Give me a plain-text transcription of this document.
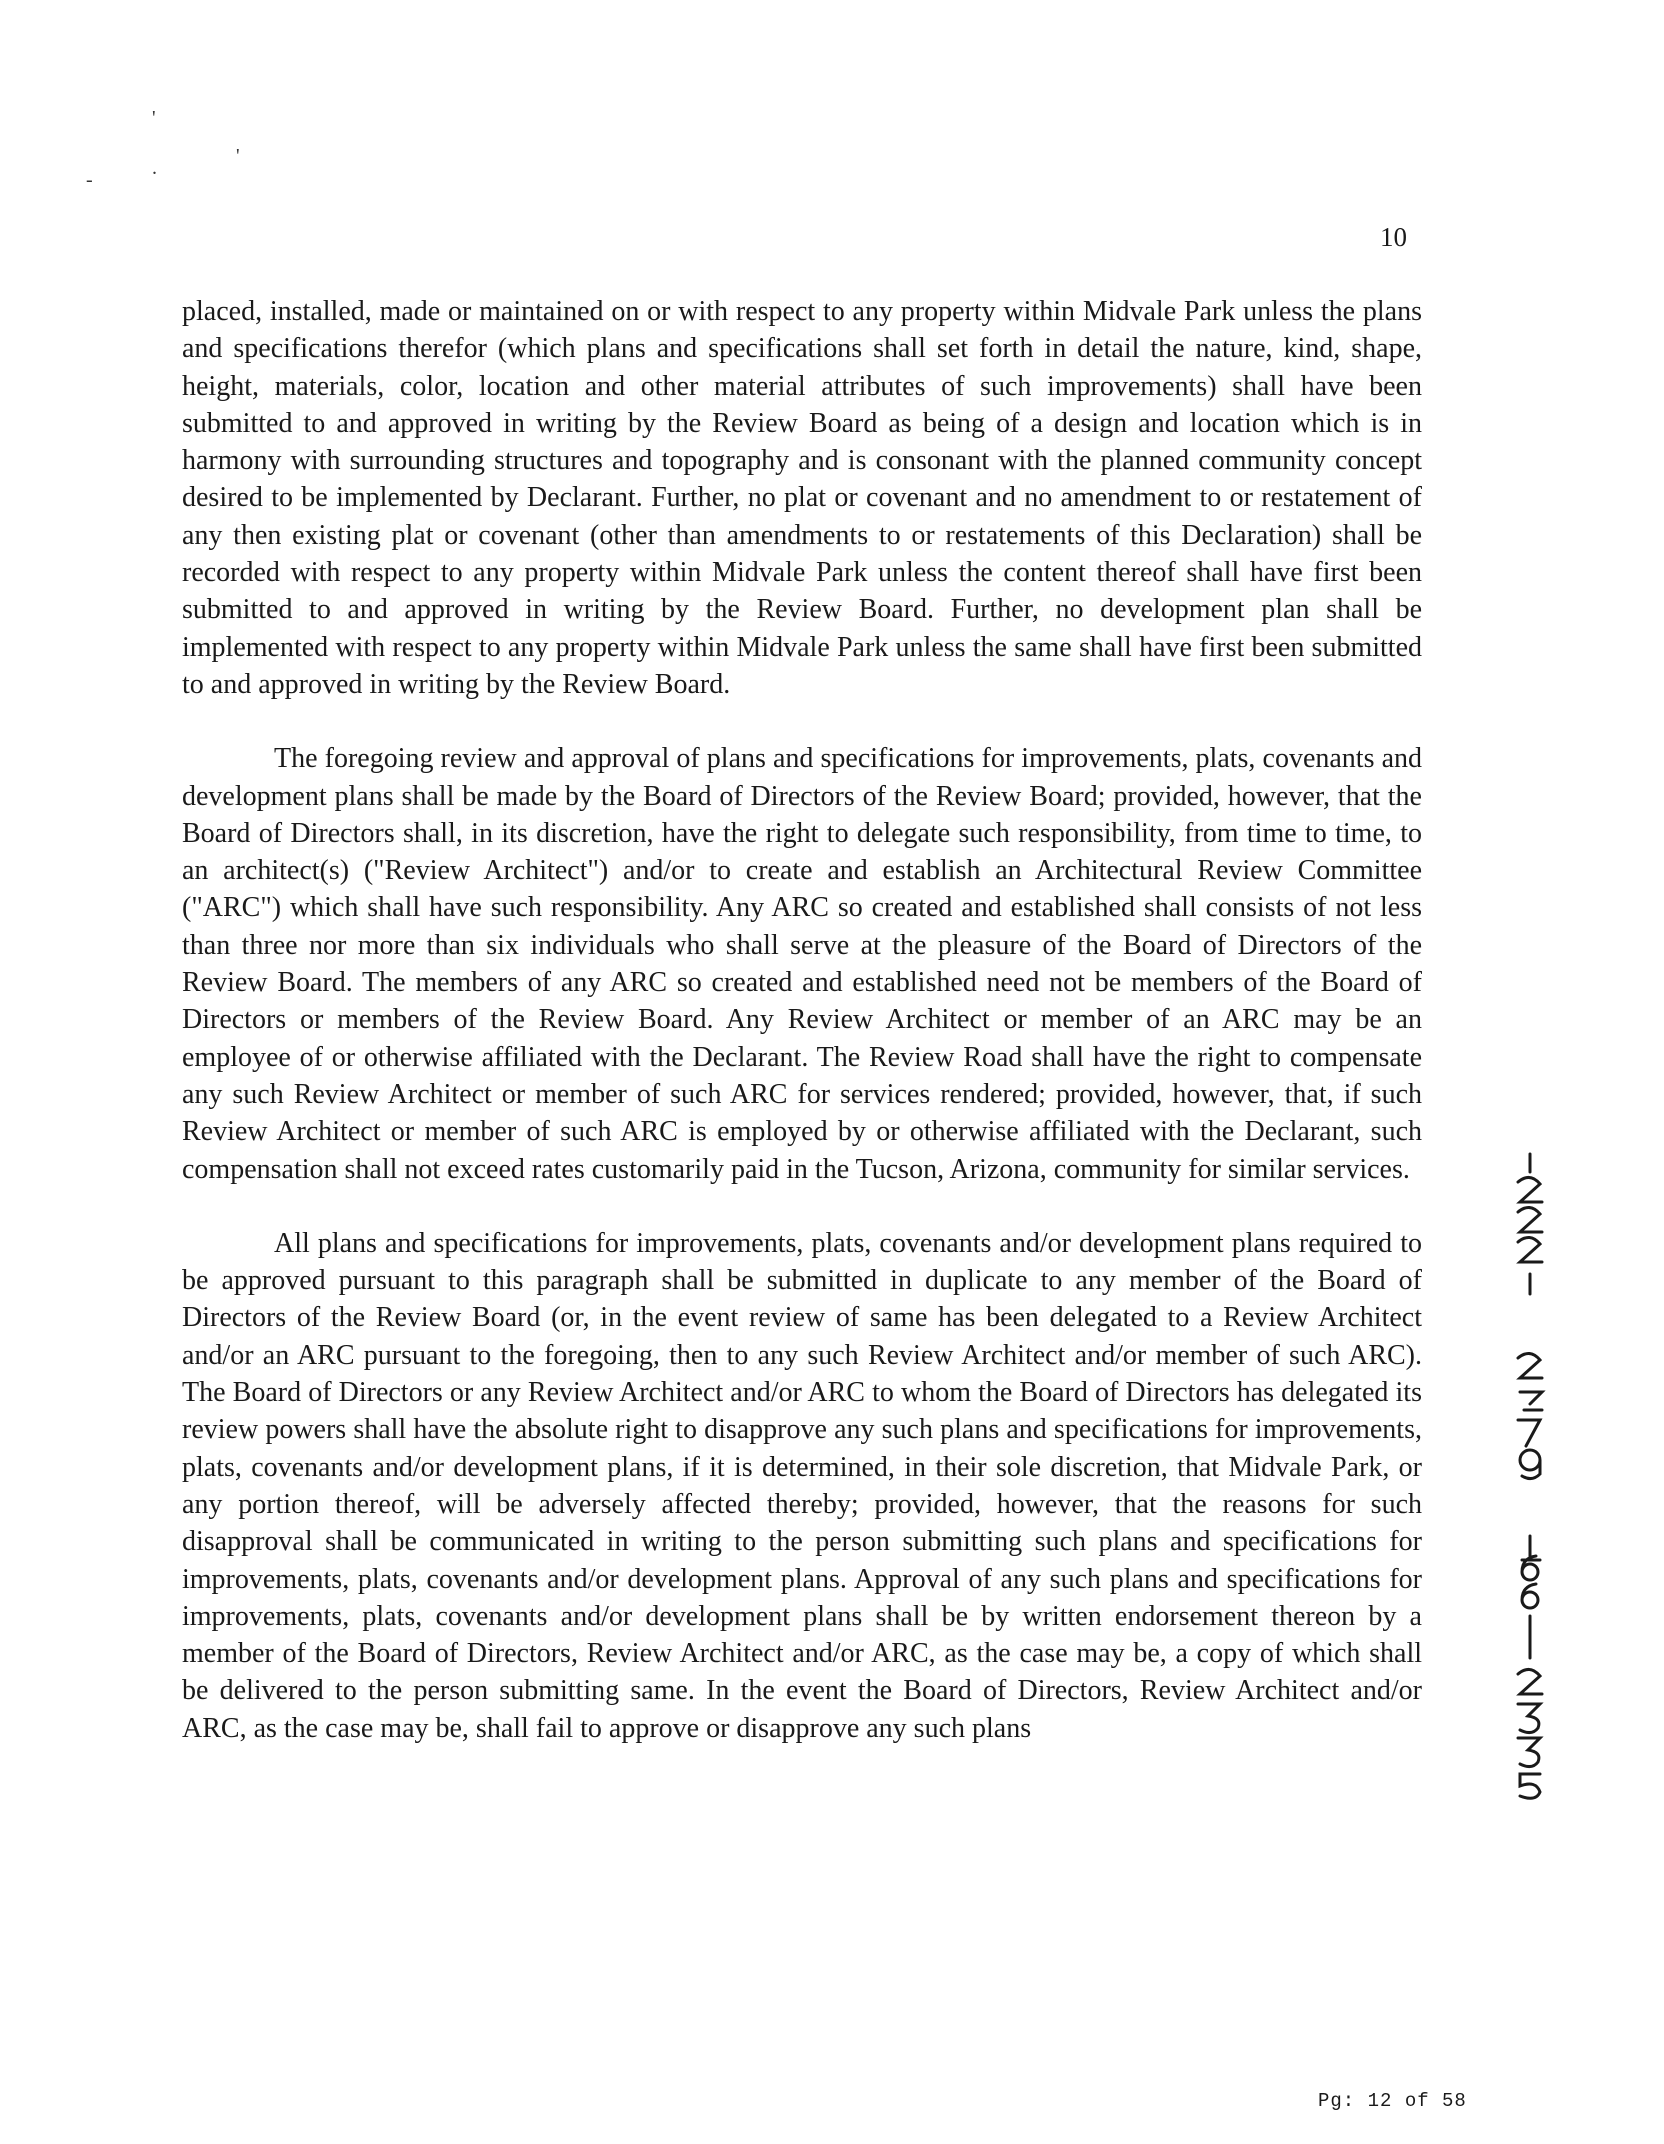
'
'
.
-
10

placed, installed, made or maintained on or with respect to any property within Midvale Park unless the plans and specifications therefor (which plans and specifications shall set forth in detail the nature, kind, shape, height, materials, color, location and other material attributes of such improvements) shall have been submitted to and approved in writing by the Review Board as being of a design and location which is in harmony with surrounding structures and topography and is consonant with the planned community concept desired to be implemented by Declarant. Further, no plat or covenant and no amendment to or restatement of any then existing plat or covenant (other than amendments to or restatements of this Declaration) shall be recorded with respect to any property within Midvale Park unless the content thereof shall have first been submitted to and approved in writing by the Review Board. Further, no development plan shall be implemented with respect to any property within Midvale Park unless the same shall have first been submitted to and approved in writing by the Review Board.

The foregoing review and approval of plans and specifications for improvements, plats, covenants and development plans shall be made by the Board of Directors of the Review Board; provided, however, that the Board of Directors shall, in its discretion, have the right to delegate such responsibility, from time to time, to an architect(s) ("Review Architect") and/or to create and establish an Architectural Review Committee ("ARC") which shall have such responsibility. Any ARC so created and established shall consists of not less than three nor more than six individuals who shall serve at the pleasure of the Board of Directors of the Review Board. The members of any ARC so created and established need not be members of the Board of Directors or members of the Review Board. Any Review Architect or member of an ARC may be an employee of or otherwise affiliated with the Declarant. The Review Road shall have the right to compensate any such Review Architect or member of such ARC for services rendered; provided, however, that, if such Review Architect or member of such ARC is employed by or otherwise affiliated with the Declarant, such compensation shall not exceed rates customarily paid in the Tucson, Arizona, community for similar services.

All plans and specifications for improvements, plats, covenants and/or development plans required to be approved pursuant to this paragraph shall be submitted in duplicate to any member of the Board of Directors of the Review Board (or, in the event review of same has been delegated to a Review Architect and/or an ARC pursuant to the foregoing, then to any such Review Architect and/or member of such ARC). The Board of Directors or any Review Architect and/or ARC to whom the Board of Directors has delegated its review powers shall have the absolute right to disapprove any such plans and specifications for improvements, plats, covenants and/or development plans, if it is determined, in their sole discretion, that Midvale Park, or any portion thereof, will be adversely affected thereby; provided, however, that the reasons for such disapproval shall be communicated in writing to the person submitting such plans and specifications for improvements, plats, covenants and/or development plans. Approval of any such plans and specifications for improvements, plats, covenants and/or development plans shall be by written endorsement thereon by a member of the Board of Directors, Review Architect and/or ARC, as the case may be, a copy of which shall be delivered to the person submitting same. In the event the Board of Directors, Review Architect and/or ARC, as the case may be, shall fail to approve or disapprove any such plans

Pg: 12 of 58
